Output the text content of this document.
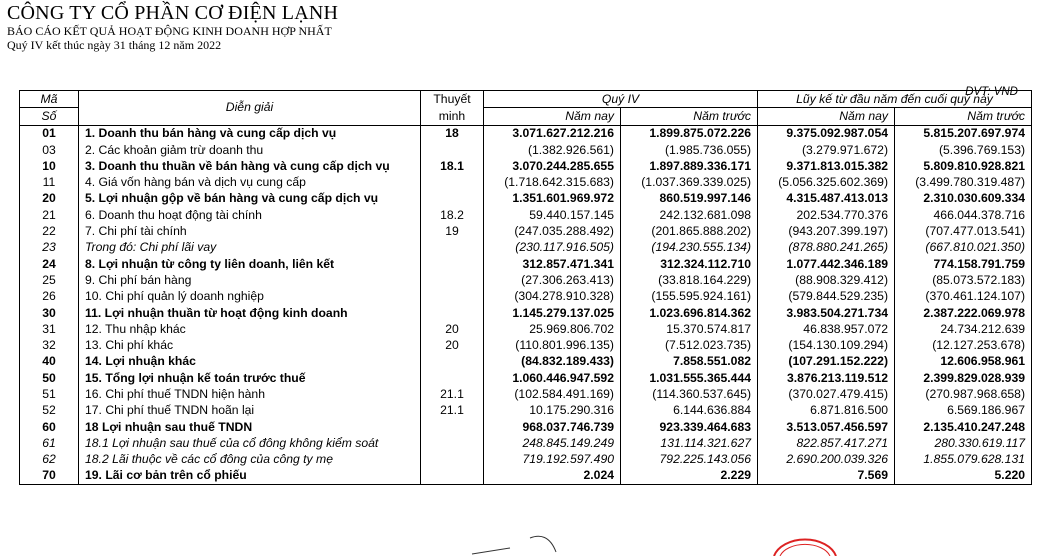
CÔNG TY CỔ PHẦN CƠ ĐIỆN LẠNH
BÁO CÁO KẾT QUẢ HOẠT ĐỘNG KINH DOANH HỢP NHẤT
Quý IV kết thúc ngày 31 tháng 12 năm 2022
ĐVT: VND
Mã	Diễn giải	Thuyết	Quý IV		Lũy kế từ đầu năm đến cuối quý này	
Số		minh	Năm nay	Năm trước	Năm nay	Năm trước
01	1. Doanh thu bán hàng và cung cấp dịch vụ	18	3.071.627.212.216	1.899.875.072.226	9.375.092.987.054	5.815.207.697.974
03	2. Các khoản giảm trừ doanh thu		(1.382.926.561)	(1.985.736.055)	(3.279.971.672)	(5.396.769.153)
10	3. Doanh thu thuần về bán hàng và cung cấp dịch vụ	18.1	3.070.244.285.655	1.897.889.336.171	9.371.813.015.382	5.809.810.928.821
11	4. Giá vốn hàng bán và dịch vụ cung cấp		(1.718.642.315.683)	(1.037.369.339.025)	(5.056.325.602.369)	(3.499.780.319.487)
20	5. Lợi nhuận gộp về bán hàng và cung cấp dịch vụ		1.351.601.969.972	860.519.997.146	4.315.487.413.013	2.310.030.609.334
21	6. Doanh thu hoạt động tài chính	18.2	59.440.157.145	242.132.681.098	202.534.770.376	466.044.378.716
22	7. Chi phí tài chính	19	(247.035.288.492)	(201.865.888.202)	(943.207.399.197)	(707.477.013.541)
23	Trong đó: Chi phí lãi vay		(230.117.916.505)	(194.230.555.134)	(878.880.241.265)	(667.810.021.350)
24	8. Lợi nhuận từ công ty liên doanh, liên kết		312.857.471.341	312.324.112.710	1.077.442.346.189	774.158.791.759
25	9. Chi phí bán hàng		(27.306.263.413)	(33.818.164.229)	(88.908.329.412)	(85.073.572.183)
26	10. Chi phí quản lý doanh nghiệp		(304.278.910.328)	(155.595.924.161)	(579.844.529.235)	(370.461.124.107)
30	11. Lợi nhuận thuần từ hoạt động kinh doanh		1.145.279.137.025	1.023.696.814.362	3.983.504.271.734	2.387.222.069.978
31	12. Thu nhập khác	20	25.969.806.702	15.370.574.817	46.838.957.072	24.734.212.639
32	13. Chi phí khác	20	(110.801.996.135)	(7.512.023.735)	(154.130.109.294)	(12.127.253.678)
40	14. Lợi nhuận khác		(84.832.189.433)	7.858.551.082	(107.291.152.222)	12.606.958.961
50	15. Tổng lợi nhuận kế toán trước thuế		1.060.446.947.592	1.031.555.365.444	3.876.213.119.512	2.399.829.028.939
51	16. Chi phí thuế TNDN hiện hành	21.1	(102.584.491.169)	(114.360.537.645)	(370.027.479.415)	(270.987.968.658)
52	17. Chi phí thuế TNDN hoãn lại	21.1	10.175.290.316	6.144.636.884	6.871.816.500	6.569.186.967
60	18 Lợi nhuận sau thuế TNDN		968.037.746.739	923.339.464.683	3.513.057.456.597	2.135.410.247.248
61	18.1 Lợi nhuận sau thuế của cổ đông không kiểm soát		248.845.149.249	131.114.321.627	822.857.417.271	280.330.619.117
62	18.2 Lãi thuộc về các cổ đông của công ty mẹ		719.192.597.490	792.225.143.056	2.690.200.039.326	1.855.079.628.131
70	19. Lãi cơ bản trên cổ phiếu		2.024	2.229	7.569	5.220
